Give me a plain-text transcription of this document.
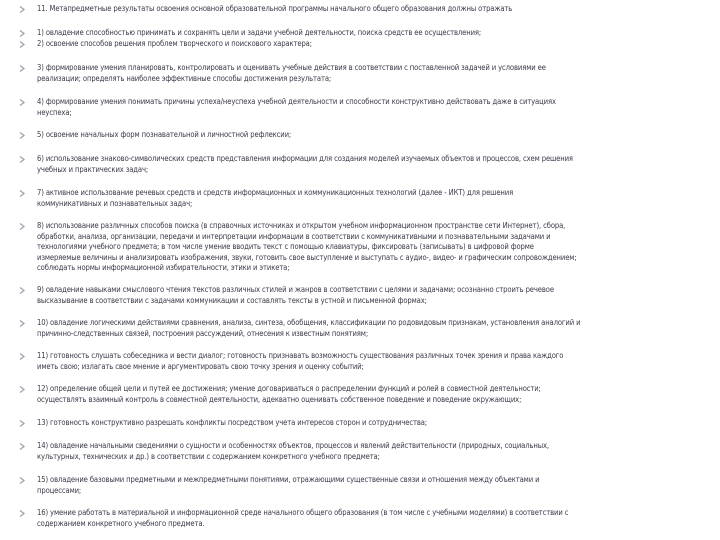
11. Метапредметные результаты освоения основной образовательной программы начального общего образования должны отражать
1) овладение способностью принимать и сохранять цели и задачи учебной деятельности, поиска средств ее осуществления;
2) освоение способов решения проблем творческого и поискового характера;
3) формирование умения планировать, контролировать и оценивать учебные действия в соответствии с поставленной задачей и условиями ее
реализации; определять наиболее эффективные способы достижения результата;
4) формирование умения понимать причины успеха/неуспеха учебной деятельности и способности конструктивно действовать даже в ситуациях
неуспеха;
5) освоение начальных форм познавательной и личностной рефлексии;
6) использование знаково-символических средств представления информации для создания моделей изучаемых объектов и процессов, схем решения
учебных и практических задач;
7) активное использование речевых средств и средств информационных и коммуникационных технологий (далее - ИКТ) для решения
коммуникативных и познавательных задач;
8) использование различных способов поиска (в справочных источниках и открытом учебном информационном пространстве сети Интернет), сбора,
обработки, анализа, организации, передачи и интерпретации информации в соответствии с коммуникативными и познавательными задачами и
технологиями учебного предмета; в том числе умение вводить текст с помощью клавиатуры, фиксировать (записывать) в цифровой форме
измеряемые величины и анализировать изображения, звуки, готовить свое выступление и выступать с аудио-, видео- и графическим сопровождением;
соблюдать нормы информационной избирательности, этики и этикета;
9) овладение навыками смыслового чтения текстов различных стилей и жанров в соответствии с целями и задачами; осознанно строить речевое
высказывание в соответствии с задачами коммуникации и составлять тексты в устной и письменной формах;
10) овладение логическими действиями сравнения, анализа, синтеза, обобщения, классификации по родовидовым признакам, установления аналогий и
причинно-следственных связей, построения рассуждений, отнесения к известным понятиям;
11) готовность слушать собеседника и вести диалог; готовность признавать возможность существования различных точек зрения и права каждого
иметь свою; излагать свое мнение и аргументировать свою точку зрения и оценку событий;
12) определение общей цели и путей ее достижения; умение договариваться о распределении функций и ролей в совместной деятельности;
осуществлять взаимный контроль в совместной деятельности, адекватно оценивать собственное поведение и поведение окружающих;
13) готовность конструктивно разрешать конфликты посредством учета интересов сторон и сотрудничества;
14) овладение начальными сведениями о сущности и особенностях объектов, процессов и явлений действительности (природных, социальных,
культурных, технических и др.) в соответствии с содержанием конкретного учебного предмета;
15) овладение базовыми предметными и межпредметными понятиями, отражающими существенные связи и отношения между объектами и
процессами;
16) умение работать в материальной и информационной среде начального общего образования (в том числе с учебными моделями) в соответствии с
содержанием конкретного учебного предмета.
